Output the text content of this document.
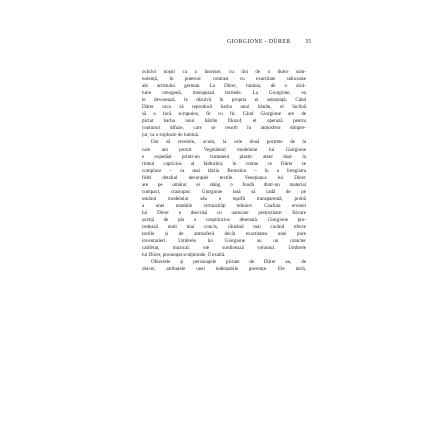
GIORGIONE - DÜRER	35
ochilor noștri ca o înserare, cu lini de o dulce som-
nolență, în puternic contrast cu exactitate stăncoase
ale artistului german. La Dürer, lumina, de o alcă-
tuire omogenă, menajează formele. La Giorgione, ea
le devorează, le dizolvă în propria ei substanță. Când
Dürer urca să reproducă barba unui bătrân, el înclină
să o facă scrupulos, fir cu fir. Când Giorgione are de
pictat barba unui bătrân filozof, el operază pentru
contururi difuze, care se resorb în atmosfera dimpre-
jur, ca o explozie de lumină.
Dar să revenim, acum, la cele două portrete de la
care am pornit. Vegmântul modelului lui Giorgione
e expediat printr-un tratament plastic atent doar la
ritmul capricios al faldurilor, în vreme ce Dürer se
complace – ca mai târziu Bronzino – în a înregistra
fidel detaliul decorației textile. Venețianca lui Dürer
are pe umărul ei stâng o fundă dintr-un material
compact, crasiopac. Giorgione lasă să cadă de pe
umărul modelului său o eșarfă transparentă, probă
a unei notabile virtuozități tehnice. Coafura eroinei
lui Dürer e descrisă cu oarecare prețiozitate: fiecare
șuviță de păr e conștiincios desenată. Giorgione pro-
cedează mult mai concis, căutând mai curând efecte
tactile și de atmosferă decât exactitatea unei pure
inventarieri. Umbrele lui Giorgione au un caracter
catifelat, muzical: ele surdinează volumul. Umbrele
lui Dürer, pronunțat sculpturale, îl exaltă.
Obiectele și personajele pictate de Dürer au, de
obicei, atributele unei indeniabile prezențe. Ele intră,
